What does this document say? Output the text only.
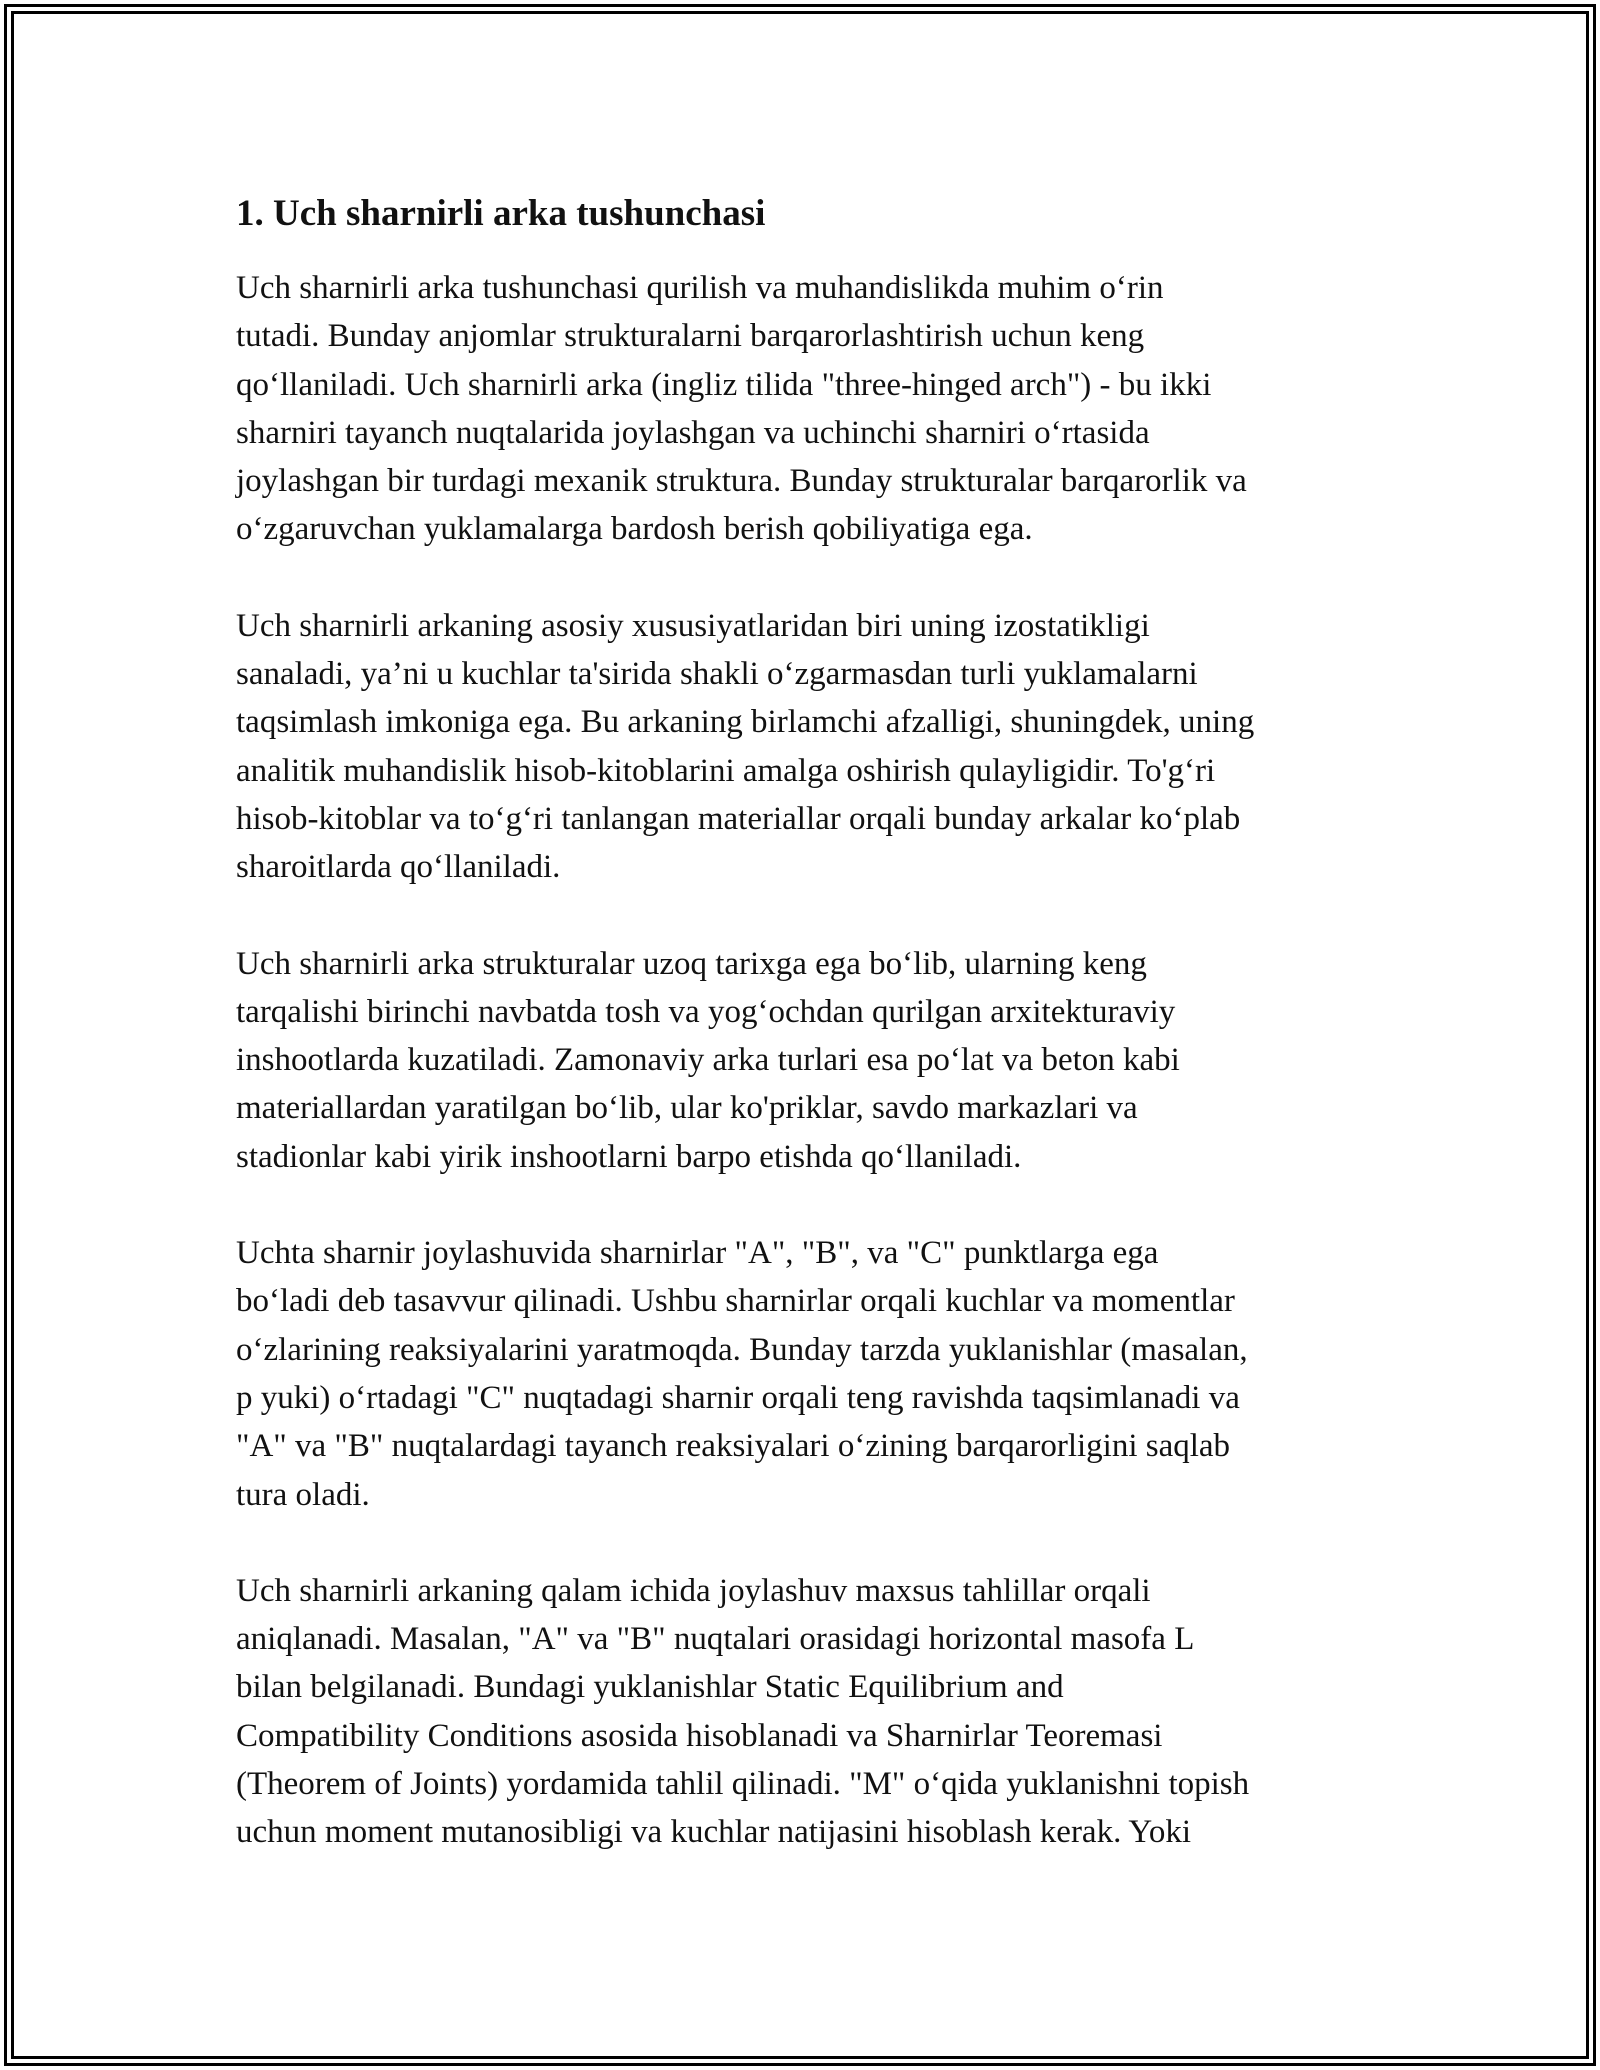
1. Uch sharnirli arka tushunchasi

Uch sharnirli arka tushunchasi qurilish va muhandislikda muhim o‘rin
tutadi. Bunday anjomlar strukturalarni barqarorlashtirish uchun keng
qo‘llaniladi. Uch sharnirli arka (ingliz tilida "three-hinged arch") - bu ikki
sharniri tayanch nuqtalarida joylashgan va uchinchi sharniri o‘rtasida
joylashgan bir turdagi mexanik struktura. Bunday strukturalar barqarorlik va
o‘zgaruvchan yuklamalarga bardosh berish qobiliyatiga ega.

Uch sharnirli arkaning asosiy xususiyatlaridan biri uning izostatikligi
sanaladi, ya’ni u kuchlar ta'sirida shakli o‘zgarmasdan turli yuklamalarni
taqsimlash imkoniga ega. Bu arkaning birlamchi afzalligi, shuningdek, uning
analitik muhandislik hisob-kitoblarini amalga oshirish qulayligidir. To'g‘ri
hisob-kitoblar va to‘g‘ri tanlangan materiallar orqali bunday arkalar ko‘plab
sharoitlarda qo‘llaniladi.

Uch sharnirli arka strukturalar uzoq tarixga ega bo‘lib, ularning keng
tarqalishi birinchi navbatda tosh va yog‘ochdan qurilgan arxitekturaviy
inshootlarda kuzatiladi. Zamonaviy arka turlari esa po‘lat va beton kabi
materiallardan yaratilgan bo‘lib, ular ko'priklar, savdo markazlari va
stadionlar kabi yirik inshootlarni barpo etishda qo‘llaniladi.

Uchta sharnir joylashuvida sharnirlar "A", "B", va "C" punktlarga ega
bo‘ladi deb tasavvur qilinadi. Ushbu sharnirlar orqali kuchlar va momentlar
o‘zlarining reaksiyalarini yaratmoqda. Bunday tarzda yuklanishlar (masalan,
p yuki) o‘rtadagi "C" nuqtadagi sharnir orqali teng ravishda taqsimlanadi va
"A" va "B" nuqtalardagi tayanch reaksiyalari o‘zining barqarorligini saqlab
tura oladi.

Uch sharnirli arkaning qalam ichida joylashuv maxsus tahlillar orqali
aniqlanadi. Masalan, "A" va "B" nuqtalari orasidagi horizontal masofa L
bilan belgilanadi. Bundagi yuklanishlar Static Equilibrium and
Compatibility Conditions asosida hisoblanadi va Sharnirlar Teoremasi
(Theorem of Joints) yordamida tahlil qilinadi. "M" o‘qida yuklanishni topish
uchun moment mutanosibligi va kuchlar natijasini hisoblash kerak. Yoki
